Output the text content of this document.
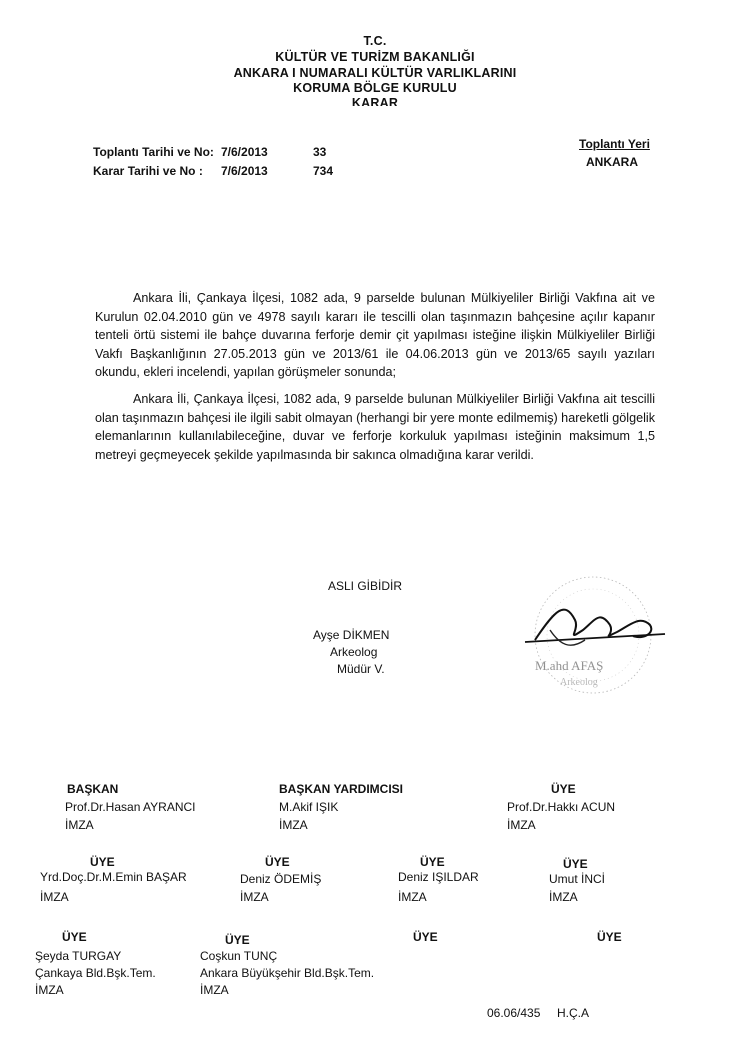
T.C.
KÜLTÜR VE TURİZM BAKANLIĞI
ANKARA I NUMARALI KÜLTÜR VARLIKLARINI
KORUMA BÖLGE KURULU
KARAR
Toplantı Tarihi ve No: 7/6/2013	33
Karar Tarihi ve No : 7/6/2013	734
Toplantı Yeri
ANKARA
Ankara İli, Çankaya İlçesi, 1082 ada, 9 parselde bulunan Mülkiyeliler Birliği Vakfına ait ve Kurulun 02.04.2010 gün ve 4978 sayılı kararı ile tescilli olan taşınmazın bahçesine açılır kapanır tenteli örtü sistemi ile bahçe duvarına ferforje demir çit yapılması isteğine ilişkin Mülkiyeliler Birliği Vakfı Başkanlığının 27.05.2013 gün ve 2013/61 ile 04.06.2013 gün ve 2013/65 sayılı yazıları okundu, ekleri incelendi, yapılan görüşmeler sonunda;
Ankara İli, Çankaya İlçesi, 1082 ada, 9 parselde bulunan Mülkiyeliler Birliği Vakfına ait tescilli olan taşınmazın bahçesi ile ilgili sabit olmayan (herhangi bir yere monte edilmemiş) hareketli gölgelik elemanlarının kullanılabileceğine, duvar ve ferforje korkuluk yapılması isteğinin maksimum 1,5 metreyi geçmeyecek şekilde yapılmasında bir sakınca olmadığına karar verildi.
ASLI GİBİDİR
Ayşe DİKMEN
Arkeolog
Müdür V.	M.ahd AFAŞ
Arkeolog
BAŞKAN
Prof.Dr.Hasan AYRANCI
İMZA
BAŞKAN YARDIMCISI
M.Akif IŞIK
İMZA
ÜYE
Prof.Dr.Hakkı ACUN
İMZA
ÜYE
Yrd.Doç.Dr.M.Emin BAŞAR
İMZA
ÜYE
Deniz ÖDEMİŞ
İMZA
ÜYE
Deniz IŞILDAR
İMZA
ÜYE
Umut İNCİ
İMZA
ÜYE
Şeyda TURGAY
Çankaya Bld.Bşk.Tem.
İMZA
ÜYE
Coşkun TUNÇ
Ankara Büyükşehir Bld.Bşk.Tem.
İMZA
ÜYE	ÜYE
06.06/435 H.Ç.A
